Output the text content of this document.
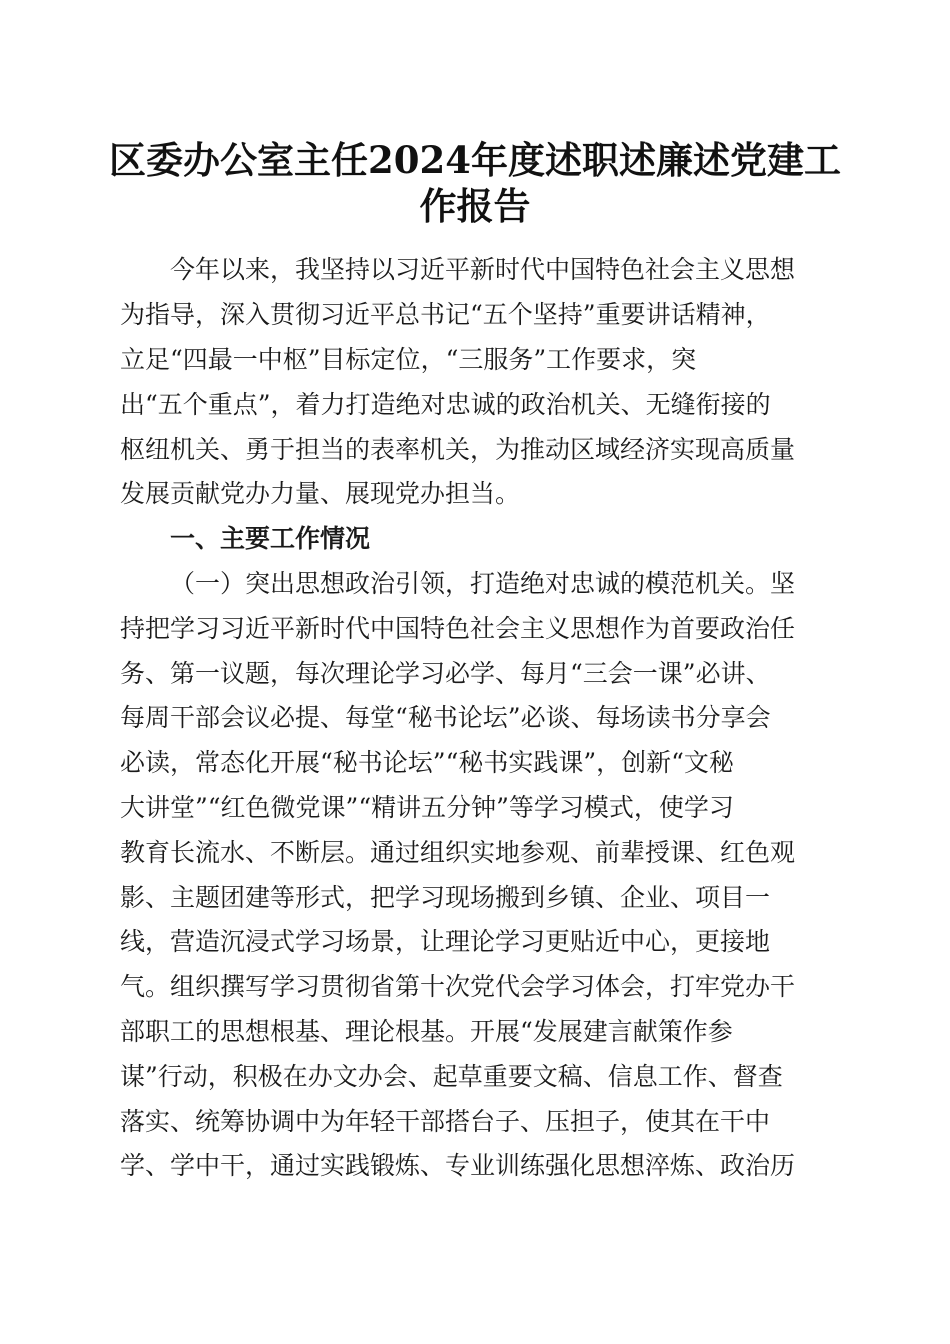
区委办公室主任2024年度述职述廉述党建工
作报告

今年以来，我坚持以习近平新时代中国特色社会主义思想

为指导，深入贯彻习近平总书记“五个坚持”重要讲话精神，

立足“四最一中枢”目标定位，“三服务”工作要求，突

出“五个重点”，着力打造绝对忠诚的政治机关、无缝衔接的

枢纽机关、勇于担当的表率机关，为推动区域经济实现高质量

发展贡献党办力量、展现党办担当。

一、主要工作情况

（一）突出思想政治引领，打造绝对忠诚的模范机关。坚

持把学习习近平新时代中国特色社会主义思想作为首要政治任

务、第一议题，每次理论学习必学、每月“三会一课”必讲、

每周干部会议必提、每堂“秘书论坛”必谈、每场读书分享会

必读，常态化开展“秘书论坛”“秘书实践课”，创新“文秘

大讲堂”“红色微党课”“精讲五分钟”等学习模式，使学习

教育长流水、不断层。通过组织实地参观、前辈授课、红色观

影、主题团建等形式，把学习现场搬到乡镇、企业、项目一

线，营造沉浸式学习场景，让理论学习更贴近中心，更接地

气。组织撰写学习贯彻省第十次党代会学习体会，打牢党办干

部职工的思想根基、理论根基。开展“发展建言献策作参

谋”行动，积极在办文办会、起草重要文稿、信息工作、督查

落实、统筹协调中为年轻干部搭台子、压担子，使其在干中

学、学中干，通过实践锻炼、专业训练强化思想淬炼、政治历
